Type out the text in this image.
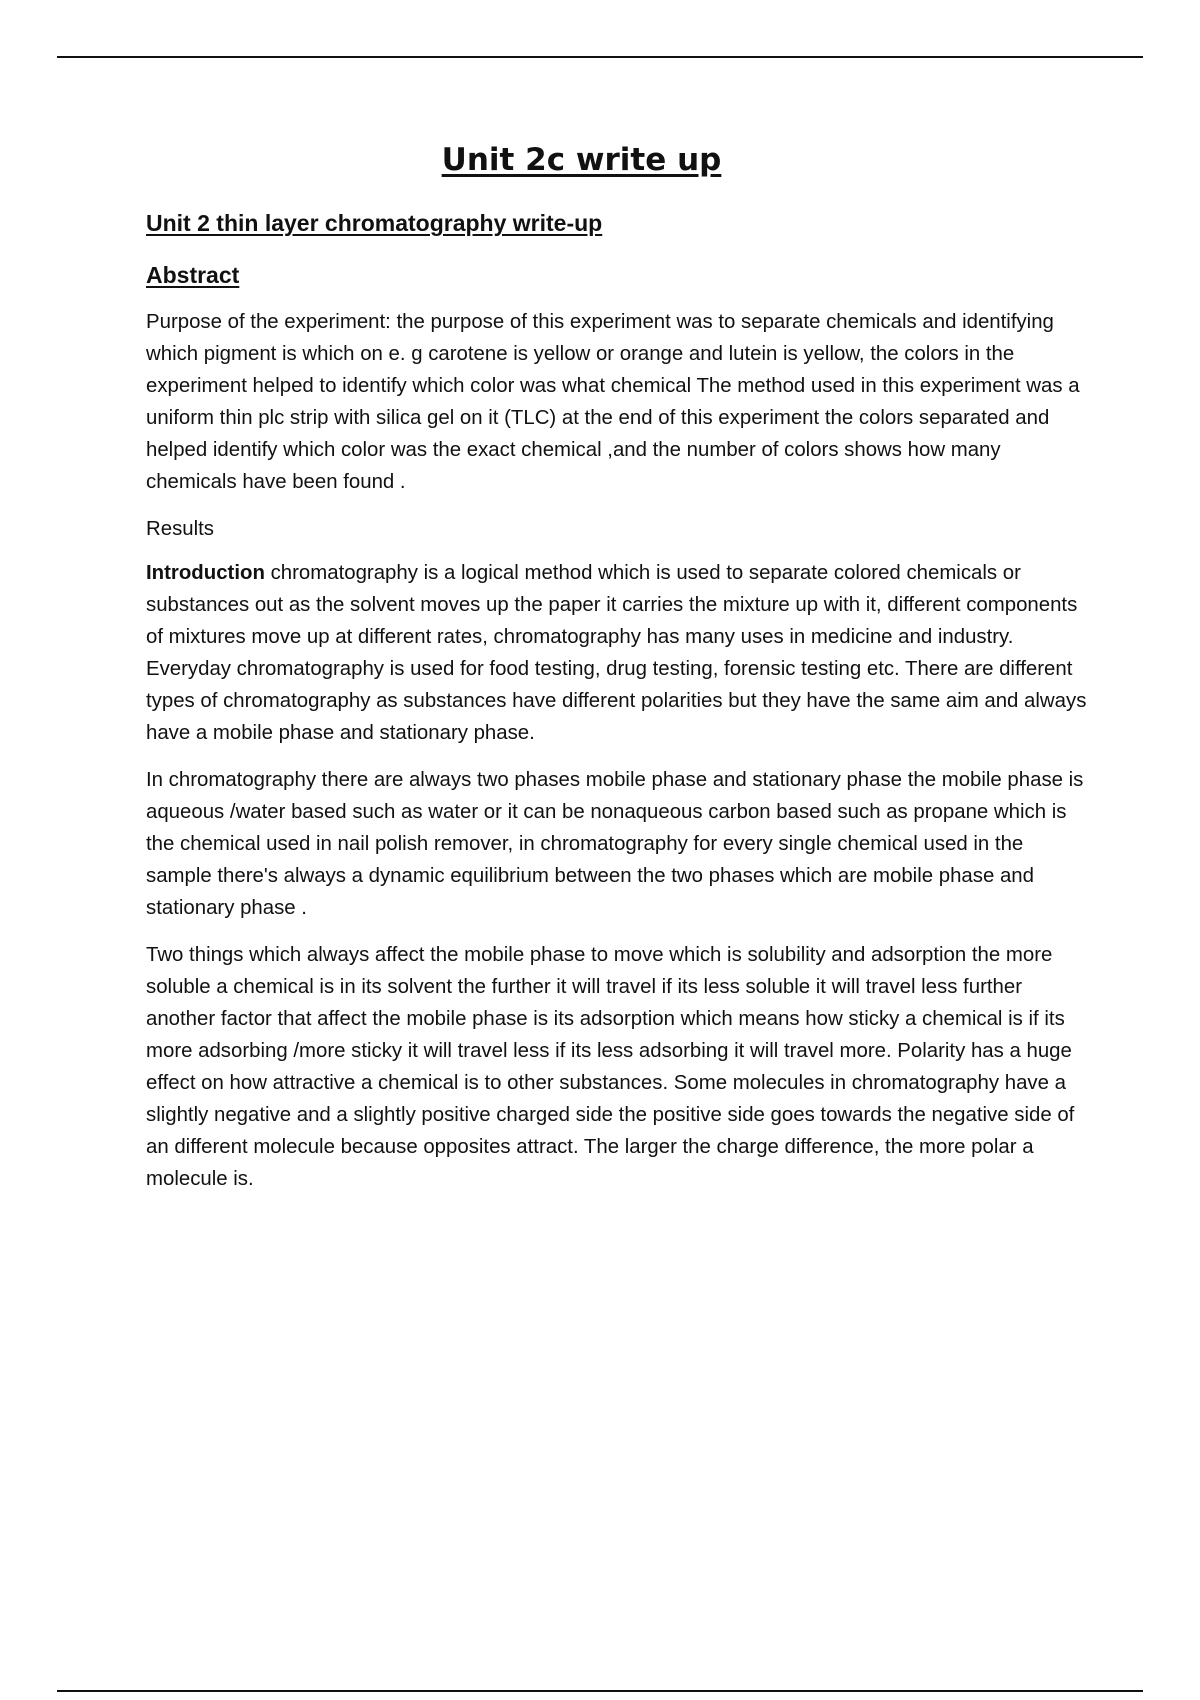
Unit 2c write up
Unit 2 thin layer chromatography write-up
Abstract

Purpose of the experiment: the purpose of this experiment was to separate chemicals and identifying which pigment is which on e. g carotene is yellow or orange and lutein is yellow, the colors in the experiment helped to identify which color was what chemical The method used in this experiment was a uniform thin plc strip with silica gel on it (TLC) at the end of this experiment the colors separated and helped identify which color was the exact chemical ,and the number of colors shows how many chemicals have been found .

Results

Introduction chromatography is a logical method which is used to separate colored chemicals or substances out as the solvent moves up the paper it carries the mixture up with it, different components of mixtures move up at different rates, chromatography has many uses in medicine and industry. Everyday chromatography is used for food testing, drug testing, forensic testing etc. There are different types of chromatography as substances have different polarities but they have the same aim and always have a mobile phase and stationary phase.

In chromatography there are always two phases mobile phase and stationary phase the mobile phase is aqueous /water based such as water or it can be nonaqueous carbon based such as propane which is the chemical used in nail polish remover, in chromatography for every single chemical used in the sample there's always a dynamic equilibrium between the two phases which are mobile phase and stationary phase .

Two things which always affect the mobile phase to move which is solubility and adsorption the more soluble a chemical is in its solvent the further it will travel if its less soluble it will travel less further another factor that affect the mobile phase is its adsorption which means how sticky a chemical is if its more adsorbing /more sticky it will travel less if its less adsorbing it will travel more. Polarity has a huge effect on how attractive a chemical is to other substances. Some molecules in chromatography have a slightly negative and a slightly positive charged side the positive side goes towards the negative side of an different molecule because opposites attract. The larger the charge difference, the more polar a molecule is.
